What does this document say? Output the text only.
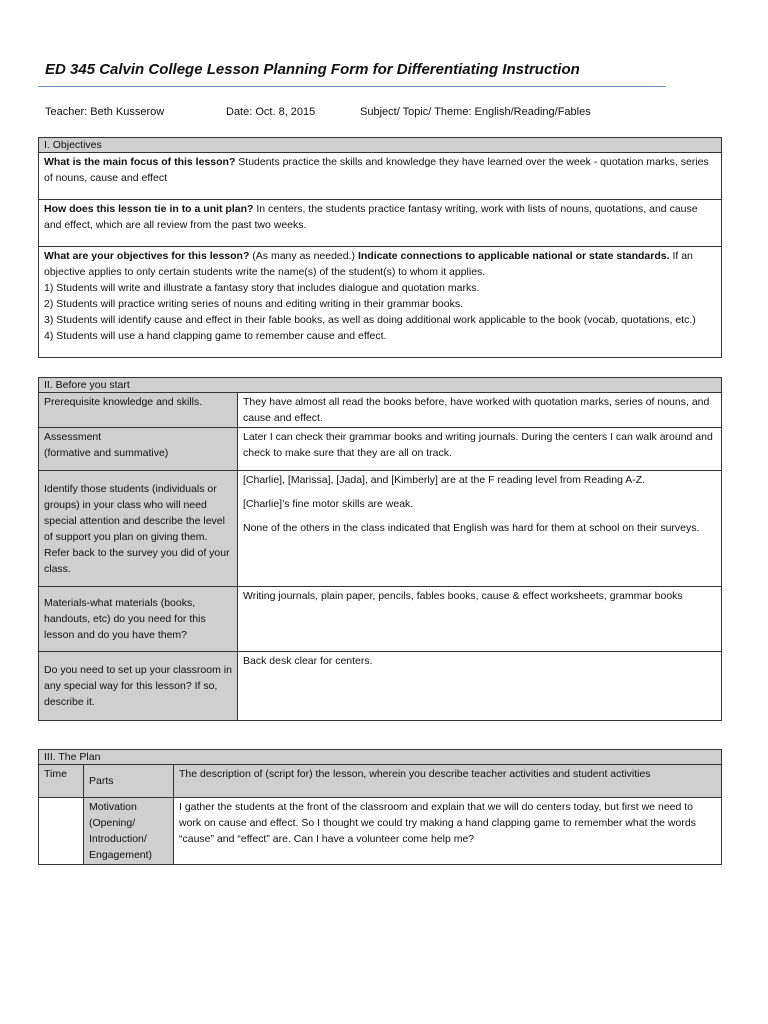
ED 345 Calvin College Lesson Planning Form for Differentiating Instruction
Teacher: Beth Kusserow	Date: Oct. 8, 2015	Subject/ Topic/ Theme: English/Reading/Fables
I. Objectives
What is the main focus of this lesson? Students practice the skills and knowledge they have learned over the week - quotation marks, series of nouns, cause and effect
How does this lesson tie in to a unit plan? In centers, the students practice fantasy writing, work with lists of nouns, quotations, and cause and effect, which are all review from the past two weeks.

What are your objectives for this lesson? (As many as needed.) Indicate connections to applicable national or state standards. If an objective applies to only certain students write the name(s) of the student(s) to whom it applies.

1) Students will write and illustrate a fantasy story that includes dialogue and quotation marks.

2) Students will practice writing series of nouns and editing writing in their grammar books.

3) Students will identify cause and effect in their fable books, as well as doing additional work applicable to the book (vocab, quotations, etc.)

4) Students will use a hand clapping game to remember cause and effect.

II. Before you start	
Prerequisite knowledge and skills.	They have almost all read the books before, have worked with quotation marks, series of nouns, and cause and effect.

Assessment

(formative and summative)	Later I can check their grammar books and writing journals. During the centers I can walk around and check to make sure that they are all on track.
Identify those students (individuals or groups) in your class who will need special attention and describe the level of support you plan on giving them. Refer back to the survey you did of your class.	[Charlie], [Marissa], [Jada], and [Kimberly] are at the F reading level from Reading A-Z.

[Charlie]’s fine motor skills are weak.

None of the others in the class indicated that English was hard for them at school on their surveys.

Materials-what materials (books, handouts, etc) do you need for this lesson and do you have them?	Writing journals, plain paper, pencils, fables books, cause & effect worksheets, grammar books
Do you need to set up your classroom in any special way for this lesson? If so, describe it.	Back desk clear for centers.
III. The Plan		
Time	Parts	The description of (script for) the lesson, wherein you describe teacher activities and student activities
	Motivation (Opening/ Introduction/ Engagement)	I gather the students at the front of the classroom and explain that we will do centers today, but first we need to work on cause and effect. So I thought we could try making a hand clapping game to remember what the words “cause” and “effect” are. Can I have a volunteer come help me?
